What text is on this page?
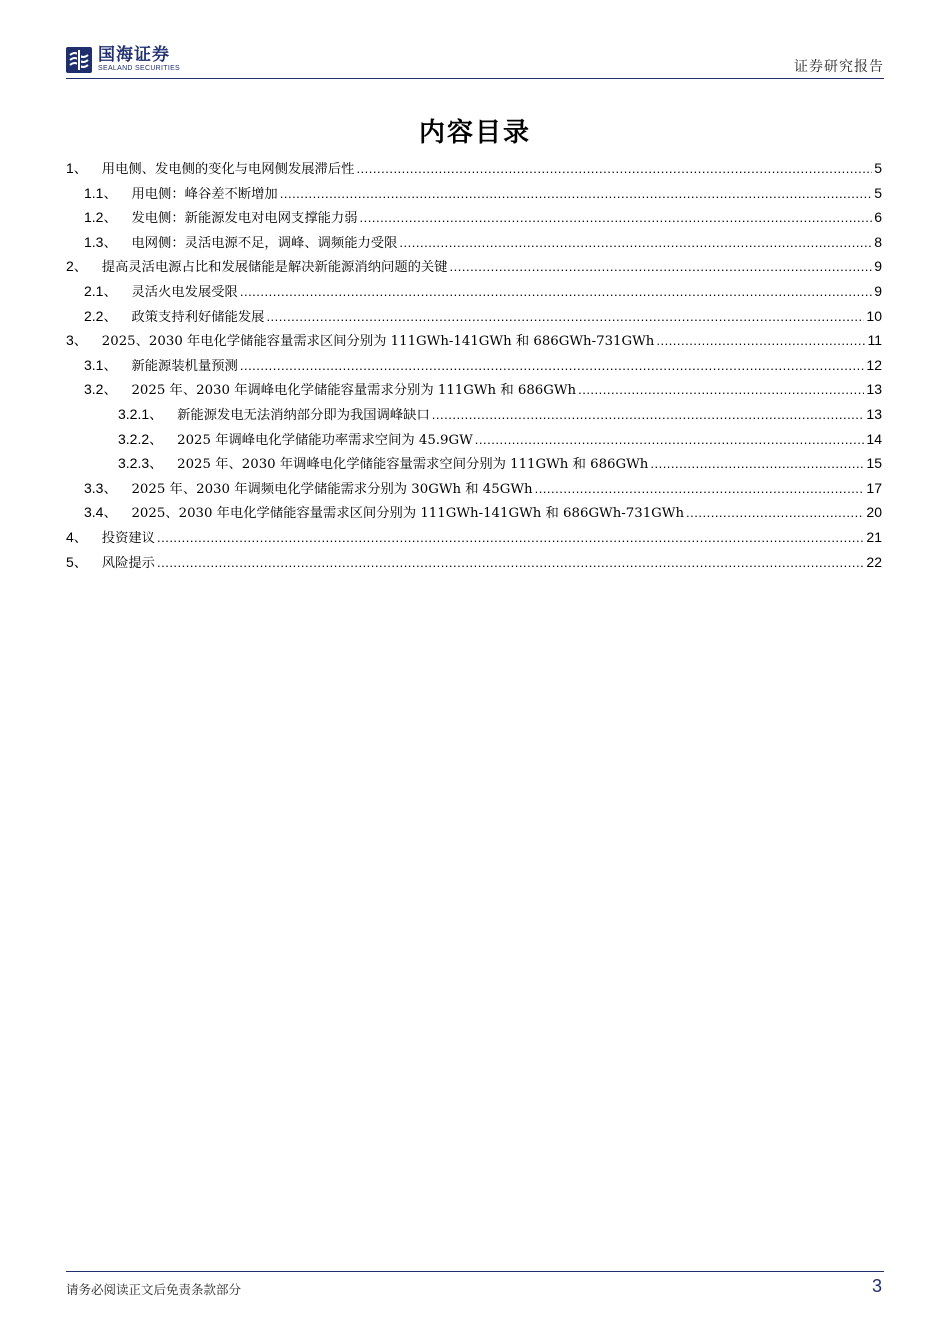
国海证券
SEALAND SECURITIES	证券研究报告
内容目录
1、 用电侧、发电侧的变化与电网侧发展滞后性 .....	5
1.1、 用电侧：峰谷差不断增加 .....	5
1.2、 发电侧：新能源发电对电网支撑能力弱 .....	6
1.3、 电网侧：灵活电源不足，调峰、调频能力受限 .....	8
2、 提高灵活电源占比和发展储能是解决新能源消纳问题的关键 .....	9
2.1、 灵活火电发展受限 .....	9
2.2、 政策支持利好储能发展 .....	10
3、 2025、2030 年电化学储能容量需求区间分别为 111GWh-141GWh 和 686GWh-731GWh .....	11
3.1、 新能源装机量预测 .....	12
3.2、 2025 年、2030 年调峰电化学储能容量需求分别为 111GWh 和 686GWh .....	13
3.2.1、 新能源发电无法消纳部分即为我国调峰缺口 .....	13
3.2.2、 2025 年调峰电化学储能功率需求空间为 45.9GW .....	14
3.2.3、 2025 年、2030 年调峰电化学储能容量需求空间分别为 111GWh 和 686GWh .....	15
3.3、 2025 年、2030 年调频电化学储能需求分别为 30GWh 和 45GWh .....	17
3.4、 2025、2030 年电化学储能容量需求区间分别为 111GWh-141GWh 和 686GWh-731GWh .....	20
4、 投资建议 .....	21
5、 风险提示 .....	22
请务必阅读正文后免责条款部分	3
